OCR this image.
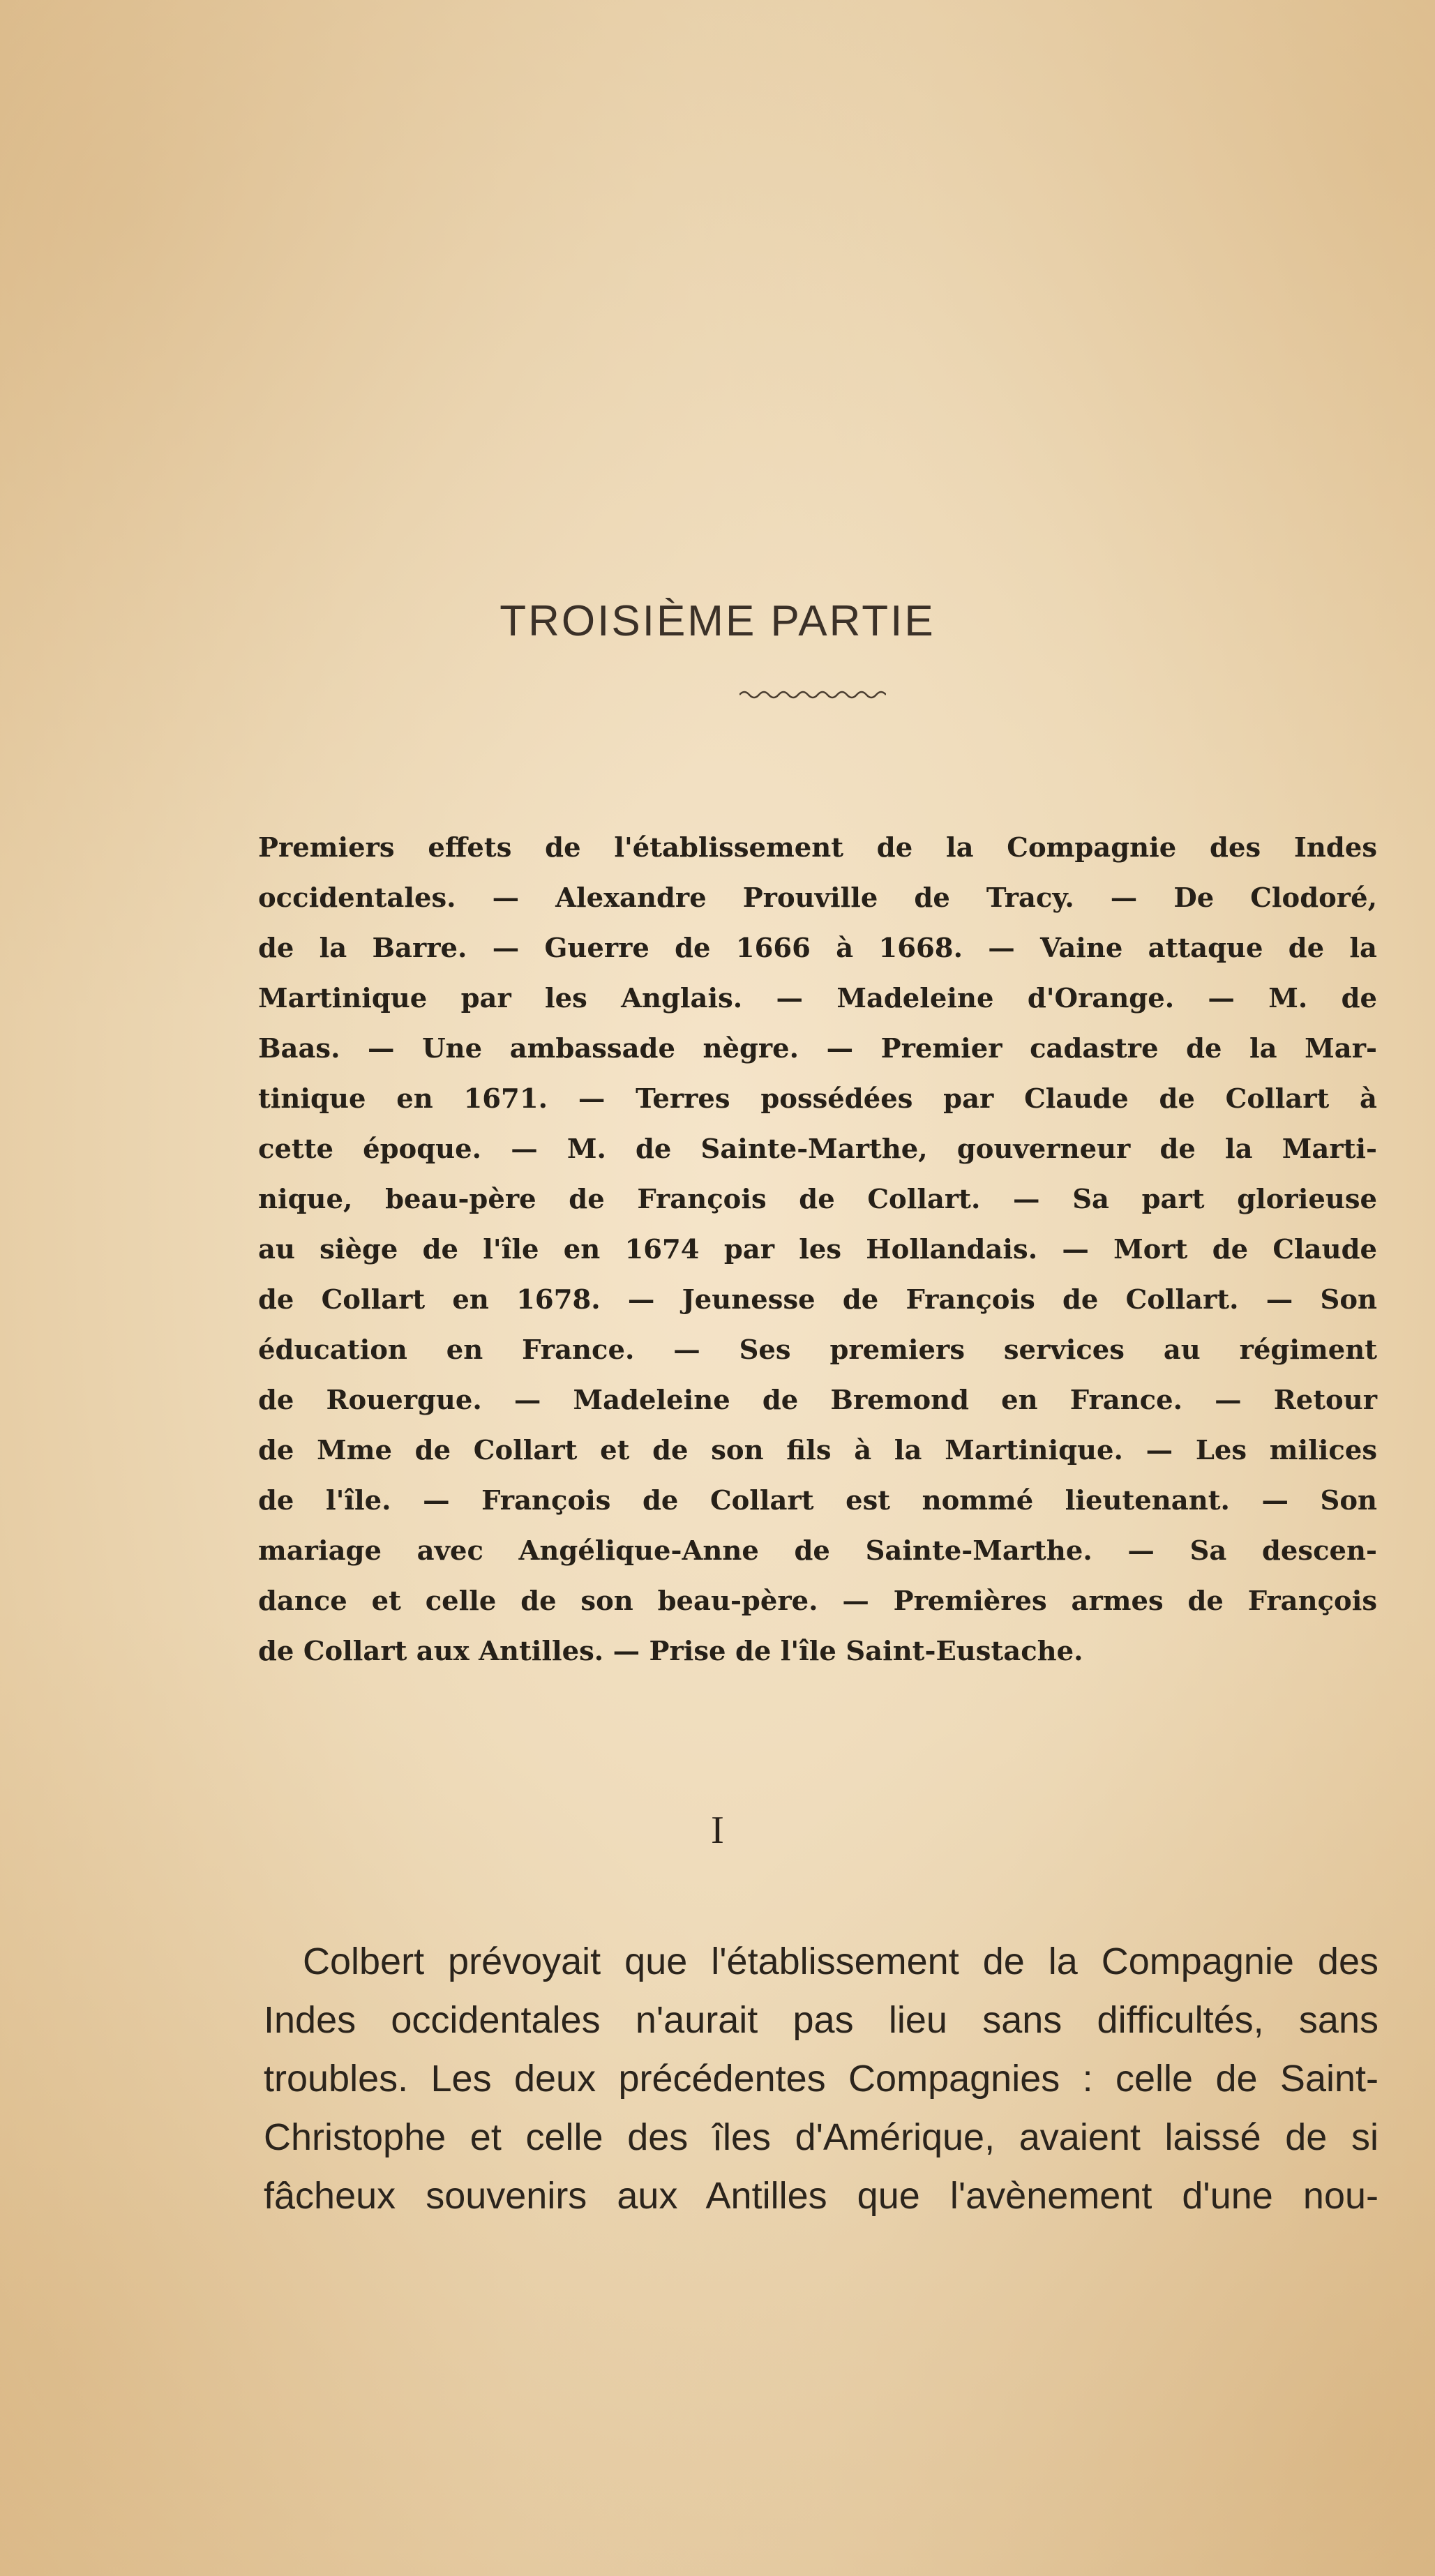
TROISIÈME PARTIE
Premiers effets de l'établissement de la Compagnie des Indes
occidentales. — Alexandre Prouville de Tracy. — De Clodoré,
de la Barre. — Guerre de 1666 à 1668. — Vaine attaque de la
Martinique par les Anglais. — Madeleine d'Orange. — M. de
Baas. — Une ambassade nègre. — Premier cadastre de la Mar-
tinique en 1671. — Terres possédées par Claude de Collart à
cette époque. — M. de Sainte-Marthe, gouverneur de la Marti-
nique, beau-père de François de Collart. — Sa part glorieuse
au siège de l'île en 1674 par les Hollandais. — Mort de Claude
de Collart en 1678. — Jeunesse de François de Collart. — Son
éducation en France. — Ses premiers services au régiment
de Rouergue. — Madeleine de Bremond en France. — Retour
de Mme de Collart et de son fils à la Martinique. — Les milices
de l'île. — François de Collart est nommé lieutenant. — Son
mariage avec Angélique-Anne de Sainte-Marthe. — Sa descen-
dance et celle de son beau-père. — Premières armes de François
de Collart aux Antilles. — Prise de l'île Saint-Eustache.
I
Colbert prévoyait que l'établissement de la Compagnie des
Indes occidentales n'aurait pas lieu sans difficultés, sans
troubles. Les deux précédentes Compagnies : celle de Saint-
Christophe et celle des îles d'Amérique, avaient laissé de si
fâcheux souvenirs aux Antilles que l'avènement d'une nou-
